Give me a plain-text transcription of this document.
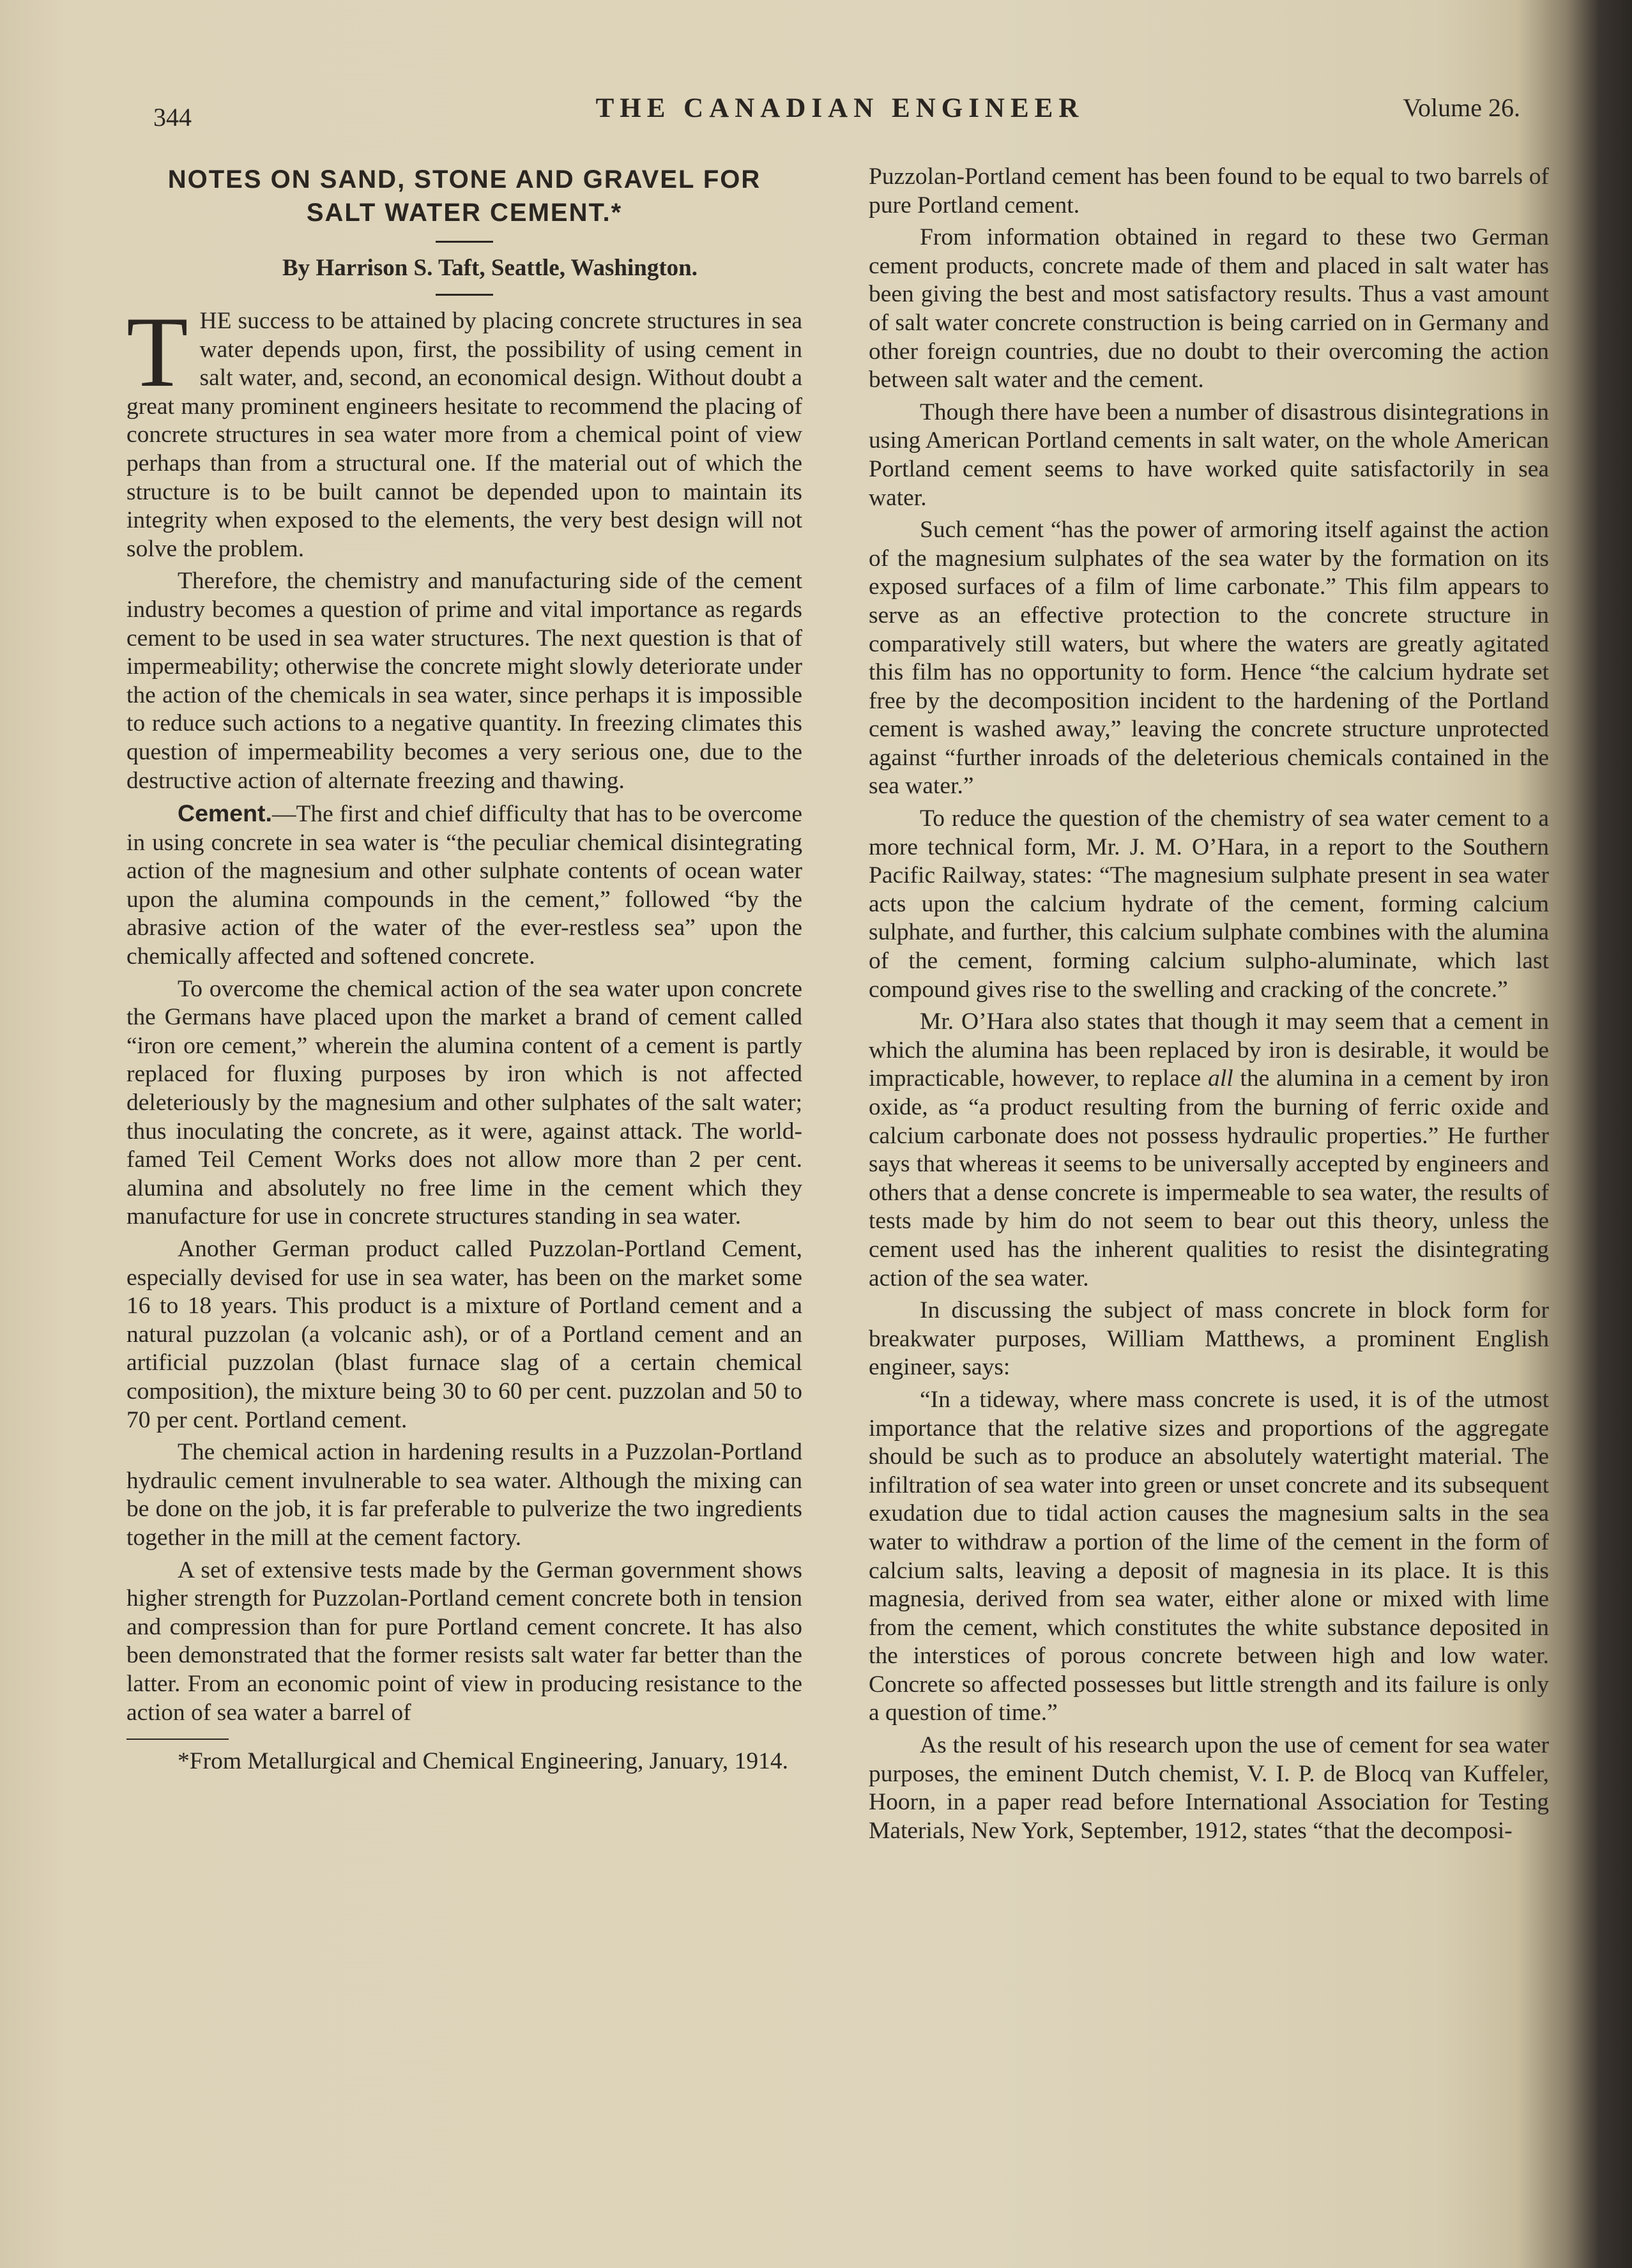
344	THE CANADIAN ENGINEER	Volume 26.
NOTES ON SAND, STONE AND GRAVEL FOR
SALT WATER CEMENT.*

By Harrison S. Taft, Seattle, Washington.

THE success to be attained by placing concrete structures in sea water depends upon, first, the possibility of using cement in salt water, and, second, an economical design. Without doubt a great many prominent engineers hesitate to recommend the placing of concrete structures in sea water more from a chemical point of view perhaps than from a structural one. If the material out of which the structure is to be built cannot be depended upon to maintain its integrity when exposed to the elements, the very best design will not solve the problem.

Therefore, the chemistry and manufacturing side of the cement industry becomes a question of prime and vital importance as regards cement to be used in sea water structures. The next question is that of impermeability; otherwise the concrete might slowly deteriorate under the action of the chemicals in sea water, since perhaps it is impossible to reduce such actions to a negative quantity. In freezing climates this question of impermeability becomes a very serious one, due to the destructive action of alternate freezing and thawing.

Cement.—The first and chief difficulty that has to be overcome in using concrete in sea water is “the peculiar chemical disintegrating action of the magnesium and other sulphate contents of ocean water upon the alumina compounds in the cement,” followed “by the abrasive action of the water of the ever-restless sea” upon the chemically affected and softened concrete.

To overcome the chemical action of the sea water upon concrete the Germans have placed upon the market a brand of cement called “iron ore cement,” wherein the alumina content of a cement is partly replaced for fluxing purposes by iron which is not affected deleteriously by the magnesium and other sulphates of the salt water; thus inoculating the concrete, as it were, against attack. The world-famed Teil Cement Works does not allow more than 2 per cent. alumina and absolutely no free lime in the cement which they manufacture for use in concrete structures standing in sea water.

Another German product called Puzzolan-Portland Cement, especially devised for use in sea water, has been on the market some 16 to 18 years. This product is a mixture of Portland cement and a natural puzzolan (a volcanic ash), or of a Portland cement and an artificial puzzolan (blast furnace slag of a certain chemical composition), the mixture being 30 to 60 per cent. puzzolan and 50 to 70 per cent. Portland cement.

The chemical action in hardening results in a Puzzolan-Portland hydraulic cement invulnerable to sea water. Although the mixing can be done on the job, it is far preferable to pulverize the two ingredients together in the mill at the cement factory.

A set of extensive tests made by the German government shows higher strength for Puzzolan-Portland cement concrete both in tension and compression than for pure Portland cement concrete. It has also been demonstrated that the former resists salt water far better than the latter. From an economic point of view in producing resistance to the action of sea water a barrel of

*From Metallurgical and Chemical Engineering, January, 1914.

Puzzolan-Portland cement has been found to be equal to two barrels of pure Portland cement.

From information obtained in regard to these two German cement products, concrete made of them and placed in salt water has been giving the best and most satisfactory results. Thus a vast amount of salt water concrete construction is being carried on in Germany and other foreign countries, due no doubt to their overcoming the action between salt water and the cement.

Though there have been a number of disastrous disintegrations in using American Portland cements in salt water, on the whole American Portland cement seems to have worked quite satisfactorily in sea water.

Such cement “has the power of armoring itself against the action of the magnesium sulphates of the sea water by the formation on its exposed surfaces of a film of lime carbonate.” This film appears to serve as an effective protection to the concrete structure in comparatively still waters, but where the waters are greatly agitated this film has no opportunity to form. Hence “the calcium hydrate set free by the decomposition incident to the hardening of the Portland cement is washed away,” leaving the concrete structure unprotected against “further inroads of the deleterious chemicals contained in the sea water.”

To reduce the question of the chemistry of sea water cement to a more technical form, Mr. J. M. O’Hara, in a report to the Southern Pacific Railway, states: “The magnesium sulphate present in sea water acts upon the calcium hydrate of the cement, forming calcium sulphate, and further, this calcium sulphate combines with the alumina of the cement, forming calcium sulpho-aluminate, which last compound gives rise to the swelling and cracking of the concrete.”

Mr. O’Hara also states that though it may seem that a cement in which the alumina has been replaced by iron is desirable, it would be impracticable, however, to replace all the alumina in a cement by iron oxide, as “a product resulting from the burning of ferric oxide and calcium carbonate does not possess hydraulic properties.” He further says that whereas it seems to be universally accepted by engineers and others that a dense concrete is impermeable to sea water, the results of tests made by him do not seem to bear out this theory, unless the cement used has the inherent qualities to resist the disintegrating action of the sea water.

In discussing the subject of mass concrete in block form for breakwater purposes, William Matthews, a prominent English engineer, says:

“In a tideway, where mass concrete is used, it is of the utmost importance that the relative sizes and proportions of the aggregate should be such as to produce an absolutely watertight material. The infiltration of sea water into green or unset concrete and its subsequent exudation due to tidal action causes the magnesium salts in the sea water to withdraw a portion of the lime of the cement in the form of calcium salts, leaving a deposit of magnesia in its place. It is this magnesia, derived from sea water, either alone or mixed with lime from the cement, which constitutes the white substance deposited in the interstices of porous concrete between high and low water. Concrete so affected possesses but little strength and its failure is only a question of time.”

As the result of his research upon the use of cement for sea water purposes, the eminent Dutch chemist, V. I. P. de Blocq van Kuffeler, Hoorn, in a paper read before International Association for Testing Materials, New York, September, 1912, states “that the decomposi-
